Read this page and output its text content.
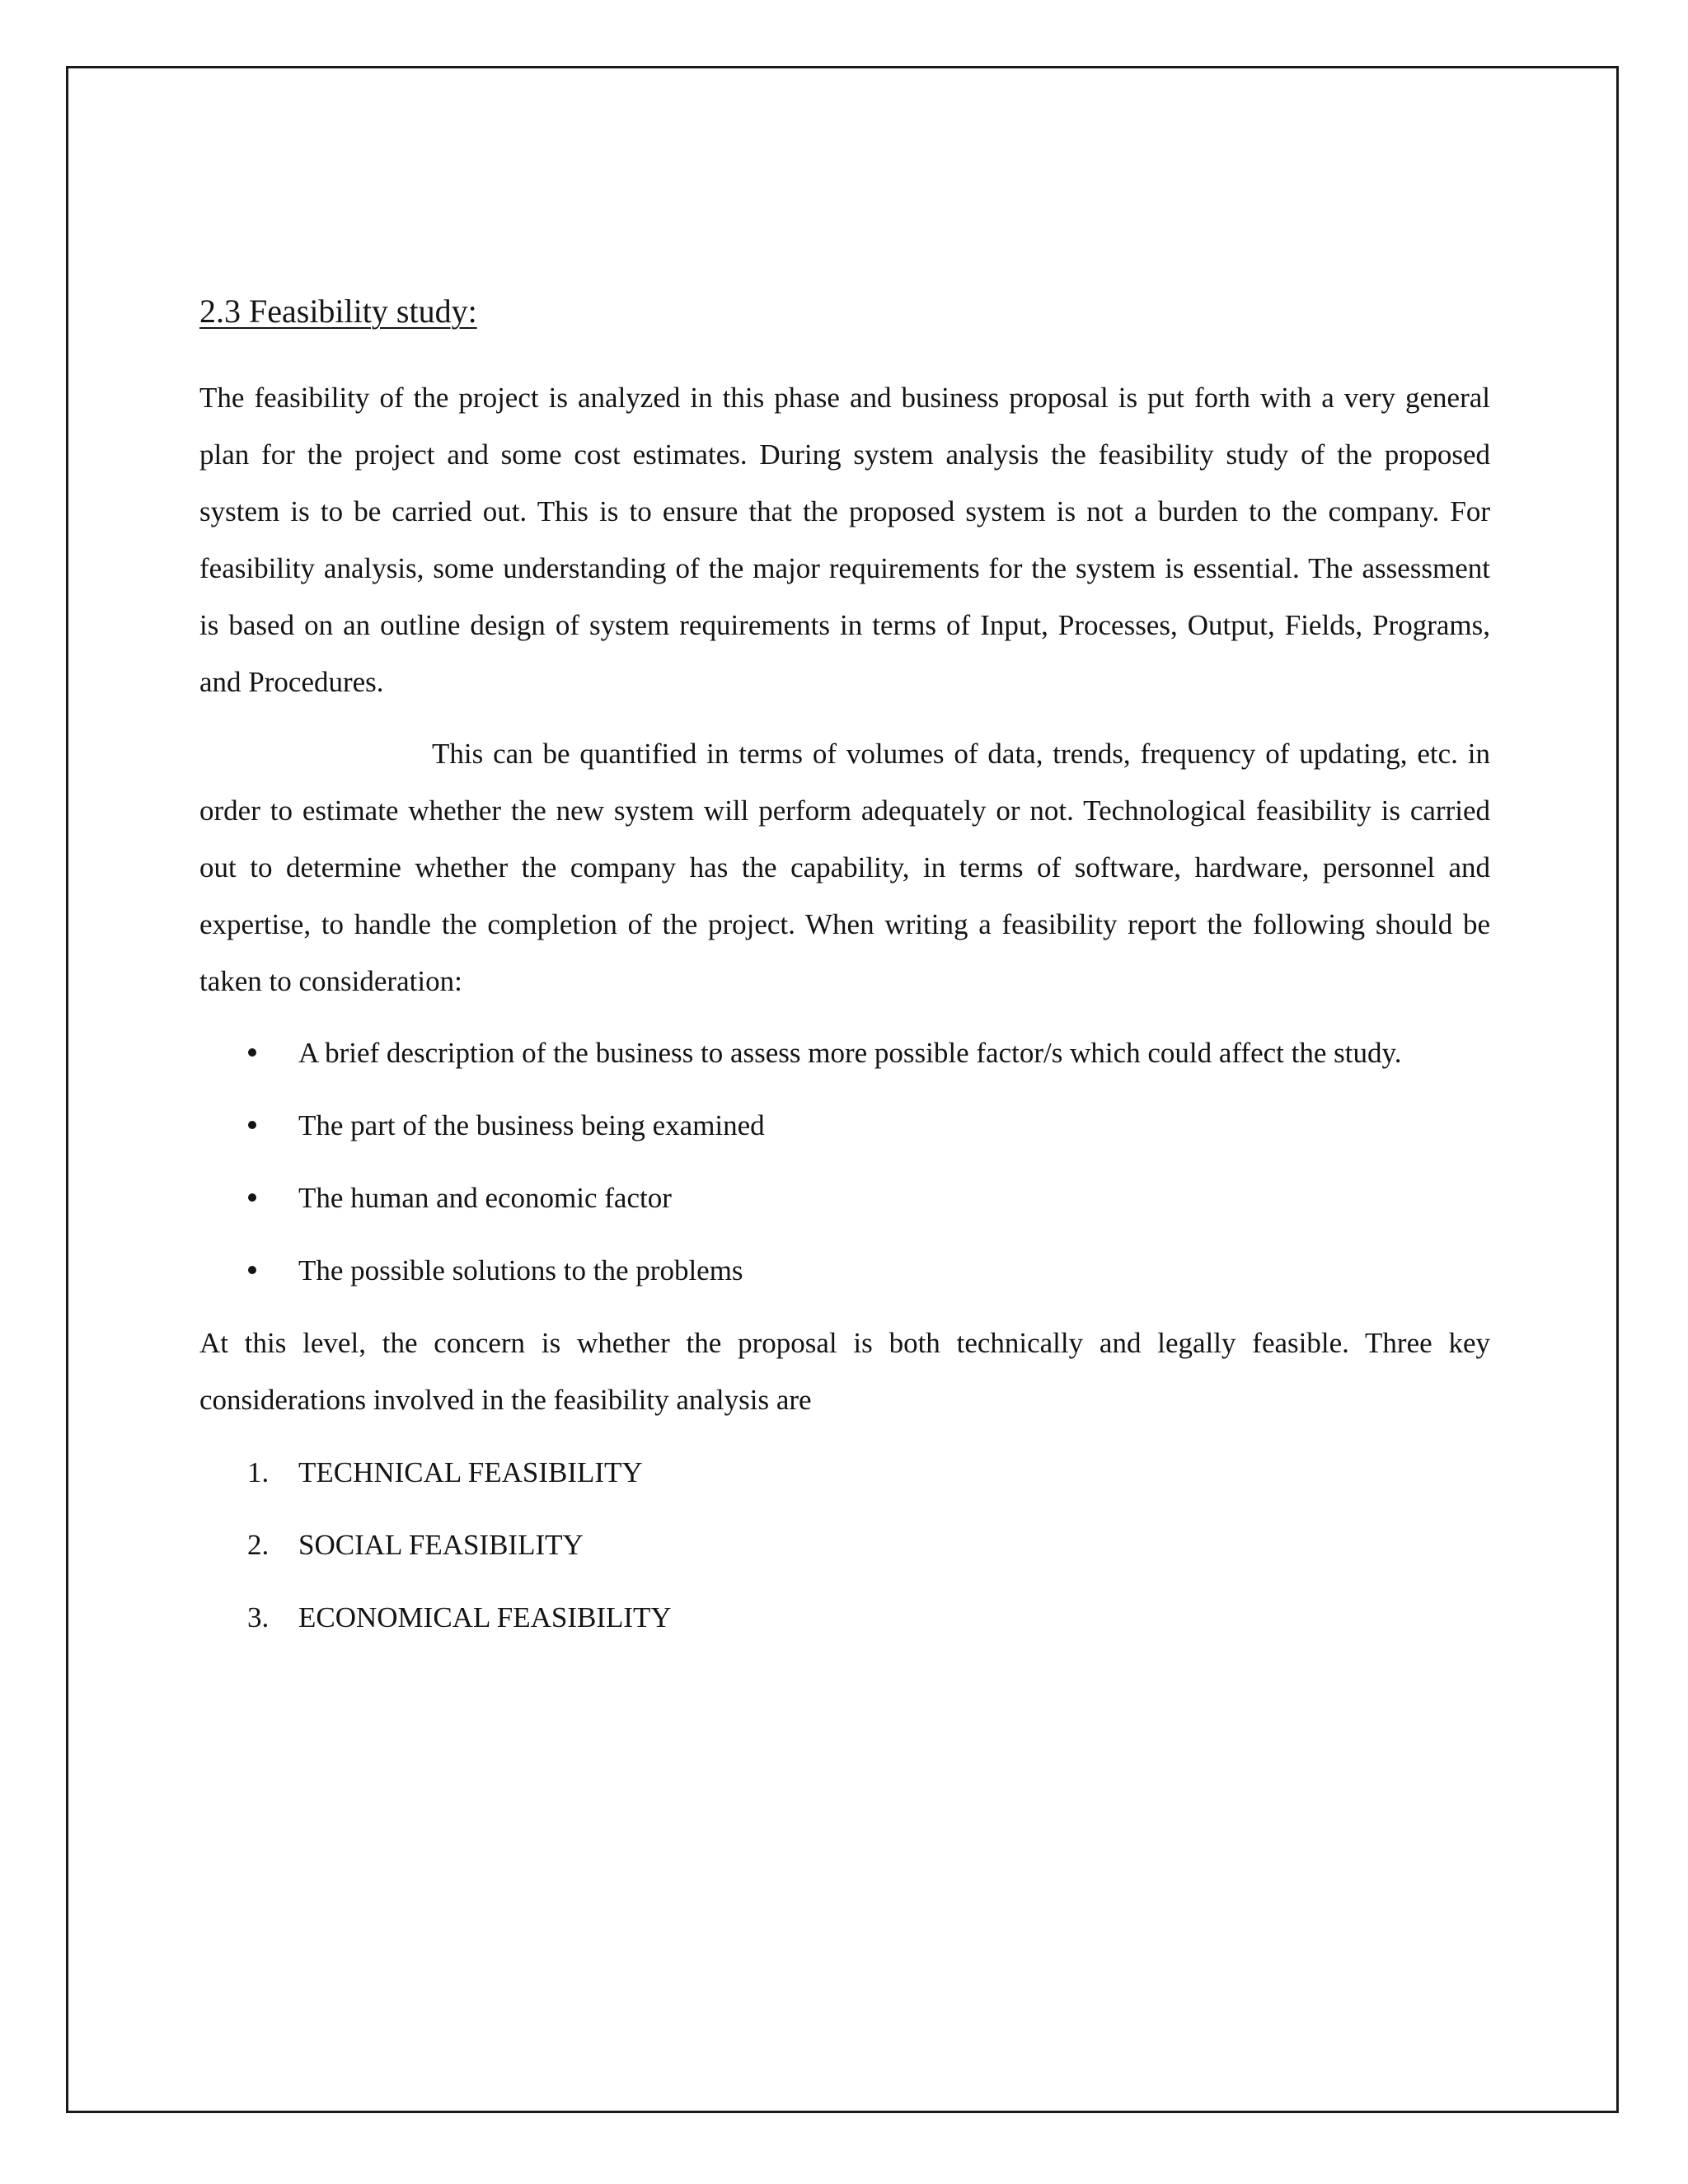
2.3 Feasibility study:

The feasibility of the project is analyzed in this phase and business proposal is put forth with a very general plan for the project and some cost estimates. During system analysis the feasibility study of the proposed system is to be carried out. This is to ensure that the proposed system is not a burden to the company. For feasibility analysis, some understanding of the major requirements for the system is essential. The assessment is based on an outline design of system requirements in terms of Input, Processes, Output, Fields, Programs, and Procedures.

This can be quantified in terms of volumes of data, trends, frequency of updating, etc. in order to estimate whether the new system will perform adequately or not. Technological feasibility is carried out to determine whether the company has the capability, in terms of software, hardware, personnel and expertise, to handle the completion of the project. When writing a feasibility report the following should be taken to consideration:

A brief description of the business to assess more possible factor/s which could affect the study.
The part of the business being examined
The human and economic factor
The possible solutions to the problems

At this level, the concern is whether the proposal is both technically and legally feasible. Three key considerations involved in the feasibility analysis are

1. TECHNICAL FEASIBILITY
2. SOCIAL FEASIBILITY
3. ECONOMICAL FEASIBILITY
